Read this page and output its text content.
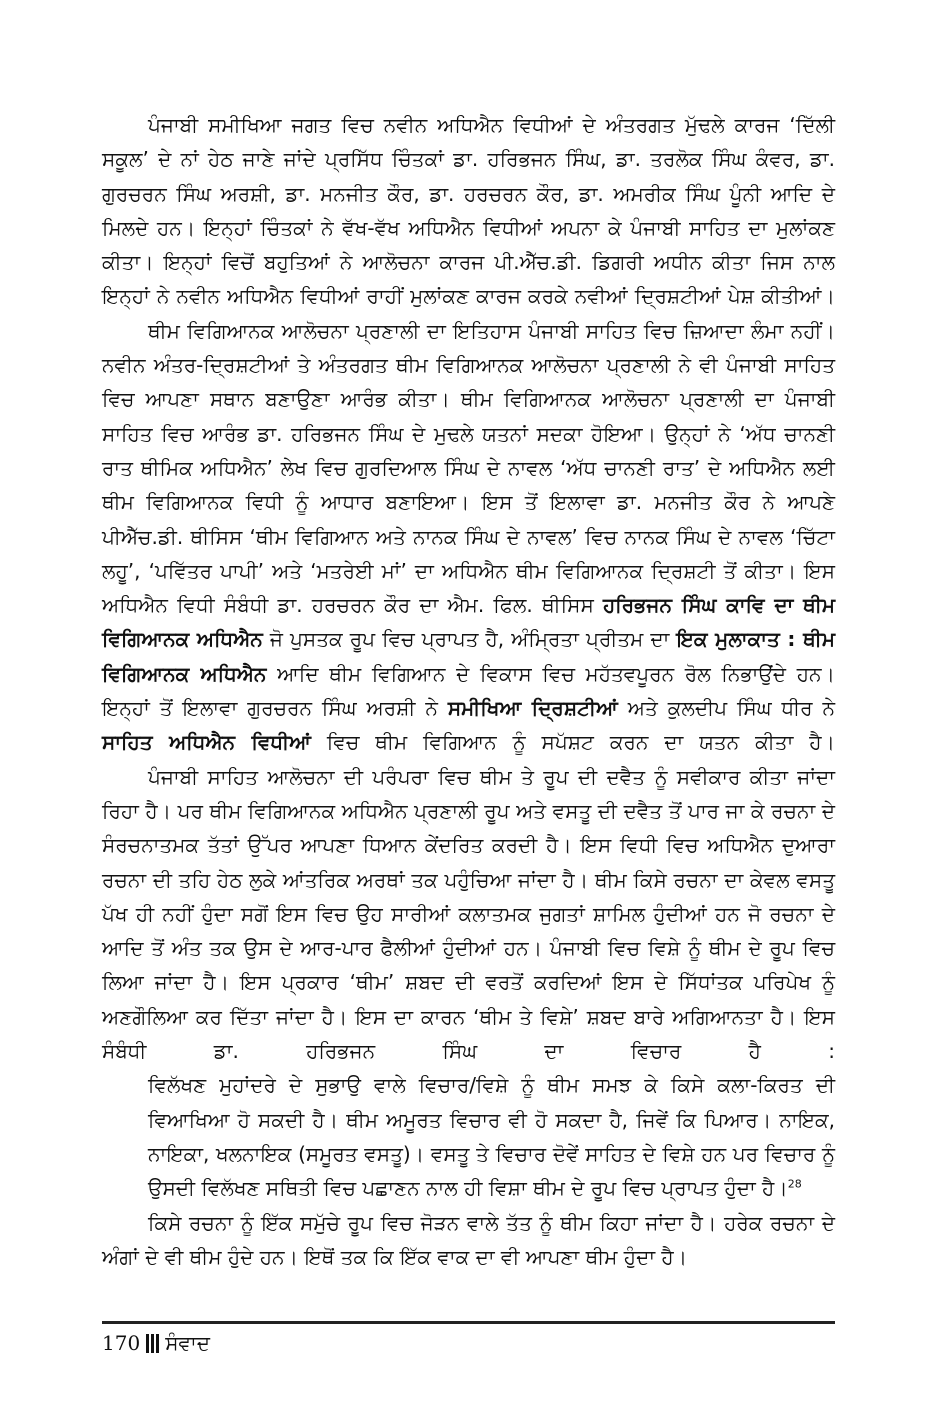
ਪੰਜਾਬੀ ਸਮੀਖਿਆ ਜਗਤ ਵਿਚ ਨਵੀਨ ਅਧਿਐਨ ਵਿਧੀਆਂ ਦੇ ਅੰਤਰਗਤ ਮੁੱਢਲੇ ਕਾਰਜ ‘ਦਿੱਲੀ ਸਕੂਲ’ ਦੇ ਨਾਂ ਹੇਠ ਜਾਣੇ ਜਾਂਦੇ ਪ੍ਰਸਿੱਧ ਚਿੰਤਕਾਂ ਡਾ. ਹਰਿਭਜਨ ਸਿੰਘ, ਡਾ. ਤਰਲੋਕ ਸਿੰਘ ਕੰਵਰ, ਡਾ. ਗੁਰਚਰਨ ਸਿੰਘ ਅਰਸ਼ੀ, ਡਾ. ਮਨਜੀਤ ਕੌਰ, ਡਾ. ਹਰਚਰਨ ਕੌਰ, ਡਾ. ਅਮਰੀਕ ਸਿੰਘ ਪੂੰਨੀ ਆਦਿ ਦੇ ਮਿਲਦੇ ਹਨ। ਇਨ੍ਹਾਂ ਚਿੰਤਕਾਂ ਨੇ ਵੱਖ-ਵੱਖ ਅਧਿਐਨ ਵਿਧੀਆਂ ਅਪਨਾ ਕੇ ਪੰਜਾਬੀ ਸਾਹਿਤ ਦਾ ਮੁਲਾਂਕਣ ਕੀਤਾ। ਇਨ੍ਹਾਂ ਵਿਚੋਂ ਬਹੁਤਿਆਂ ਨੇ ਆਲੋਚਨਾ ਕਾਰਜ ਪੀ.ਐੱਚ.ਡੀ. ਡਿਗਰੀ ਅਧੀਨ ਕੀਤਾ ਜਿਸ ਨਾਲ ਇਨ੍ਹਾਂ ਨੇ ਨਵੀਨ ਅਧਿਐਨ ਵਿਧੀਆਂ ਰਾਹੀਂ ਮੁਲਾਂਕਣ ਕਾਰਜ ਕਰਕੇ ਨਵੀਆਂ ਦ੍ਰਿਸ਼ਟੀਆਂ ਪੇਸ਼ ਕੀਤੀਆਂ।

ਥੀਮ ਵਿਗਿਆਨਕ ਆਲੋਚਨਾ ਪ੍ਰਣਾਲੀ ਦਾ ਇਤਿਹਾਸ ਪੰਜਾਬੀ ਸਾਹਿਤ ਵਿਚ ਜ਼ਿਆਦਾ ਲੰਮਾ ਨਹੀਂ। ਨਵੀਨ ਅੰਤਰ-ਦ੍ਰਿਸ਼ਟੀਆਂ ਤੇ ਅੰਤਰਗਤ ਥੀਮ ਵਿਗਿਆਨਕ ਆਲੋਚਨਾ ਪ੍ਰਣਾਲੀ ਨੇ ਵੀ ਪੰਜਾਬੀ ਸਾਹਿਤ ਵਿਚ ਆਪਣਾ ਸਥਾਨ ਬਣਾਉਣਾ ਆਰੰਭ ਕੀਤਾ। ਥੀਮ ਵਿਗਿਆਨਕ ਆਲੋਚਨਾ ਪ੍ਰਣਾਲੀ ਦਾ ਪੰਜਾਬੀ ਸਾਹਿਤ ਵਿਚ ਆਰੰਭ ਡਾ. ਹਰਿਭਜਨ ਸਿੰਘ ਦੇ ਮੁਢਲੇ ਯਤਨਾਂ ਸਦਕਾ ਹੋਇਆ। ਉਨ੍ਹਾਂ ਨੇ ‘ਅੱਧ ਚਾਨਣੀ ਰਾਤ ਥੀਮਿਕ ਅਧਿਐਨ’ ਲੇਖ ਵਿਚ ਗੁਰਦਿਆਲ ਸਿੰਘ ਦੇ ਨਾਵਲ ‘ਅੱਧ ਚਾਨਣੀ ਰਾਤ’ ਦੇ ਅਧਿਐਨ ਲਈ ਥੀਮ ਵਿਗਿਆਨਕ ਵਿਧੀ ਨੂੰ ਆਧਾਰ ਬਣਾਇਆ। ਇਸ ਤੋਂ ਇਲਾਵਾ ਡਾ. ਮਨਜੀਤ ਕੌਰ ਨੇ ਆਪਣੇ ਪੀਐੱਚ.ਡੀ. ਥੀਸਿਸ ‘ਥੀਮ ਵਿਗਿਆਨ ਅਤੇ ਨਾਨਕ ਸਿੰਘ ਦੇ ਨਾਵਲ’ ਵਿਚ ਨਾਨਕ ਸਿੰਘ ਦੇ ਨਾਵਲ ‘ਚਿੱਟਾ ਲਹੂ’, ‘ਪਵਿੱਤਰ ਪਾਪੀ’ ਅਤੇ ‘ਮਤਰੇਈ ਮਾਂ’ ਦਾ ਅਧਿਐਨ ਥੀਮ ਵਿਗਿਆਨਕ ਦ੍ਰਿਸ਼ਟੀ ਤੋਂ ਕੀਤਾ। ਇਸ ਅਧਿਐਨ ਵਿਧੀ ਸੰਬੰਧੀ ਡਾ. ਹਰਚਰਨ ਕੌਰ ਦਾ ਐਮ. ਫਿਲ. ਥੀਸਿਸ ਹਰਿਭਜਨ ਸਿੰਘ ਕਾਵਿ ਦਾ ਥੀਮ ਵਿਗਿਆਨਕ ਅਧਿਐਨ ਜੋ ਪੁਸਤਕ ਰੂਪ ਵਿਚ ਪ੍ਰਾਪਤ ਹੈ, ਅੰਮ੍ਰਿਤਾ ਪ੍ਰੀਤਮ ਦਾ ਇਕ ਮੁਲਾਕਾਤ : ਥੀਮ ਵਿਗਿਆਨਕ ਅਧਿਐਨ ਆਦਿ ਥੀਮ ਵਿਗਿਆਨ ਦੇ ਵਿਕਾਸ ਵਿਚ ਮਹੱਤਵਪੂਰਨ ਰੋਲ ਨਿਭਾਉਂਦੇ ਹਨ। ਇਨ੍ਹਾਂ ਤੋਂ ਇਲਾਵਾ ਗੁਰਚਰਨ ਸਿੰਘ ਅਰਸ਼ੀ ਨੇ ਸਮੀਖਿਆ ਦ੍ਰਿਸ਼ਟੀਆਂ ਅਤੇ ਕੁਲਦੀਪ ਸਿੰਘ ਧੀਰ ਨੇ ਸਾਹਿਤ ਅਧਿਐਨ ਵਿਧੀਆਂ ਵਿਚ ਥੀਮ ਵਿਗਿਆਨ ਨੂੰ ਸਪੱਸ਼ਟ ਕਰਨ ਦਾ ਯਤਨ ਕੀਤਾ ਹੈ।

ਪੰਜਾਬੀ ਸਾਹਿਤ ਆਲੋਚਨਾ ਦੀ ਪਰੰਪਰਾ ਵਿਚ ਥੀਮ ਤੇ ਰੂਪ ਦੀ ਦਵੈਤ ਨੂੰ ਸਵੀਕਾਰ ਕੀਤਾ ਜਾਂਦਾ ਰਿਹਾ ਹੈ। ਪਰ ਥੀਮ ਵਿਗਿਆਨਕ ਅਧਿਐਨ ਪ੍ਰਣਾਲੀ ਰੂਪ ਅਤੇ ਵਸਤੂ ਦੀ ਦਵੈਤ ਤੋਂ ਪਾਰ ਜਾ ਕੇ ਰਚਨਾ ਦੇ ਸੰਰਚਨਾਤਮਕ ਤੱਤਾਂ ਉੱਪਰ ਆਪਣਾ ਧਿਆਨ ਕੇਂਦਰਿਤ ਕਰਦੀ ਹੈ। ਇਸ ਵਿਧੀ ਵਿਚ ਅਧਿਐਨ ਦੁਆਰਾ ਰਚਨਾ ਦੀ ਤਹਿ ਹੇਠ ਲੁਕੇ ਆਂਤਰਿਕ ਅਰਥਾਂ ਤਕ ਪਹੁੰਚਿਆ ਜਾਂਦਾ ਹੈ। ਥੀਮ ਕਿਸੇ ਰਚਨਾ ਦਾ ਕੇਵਲ ਵਸਤੂ ਪੱਖ ਹੀ ਨਹੀਂ ਹੁੰਦਾ ਸਗੋਂ ਇਸ ਵਿਚ ਉਹ ਸਾਰੀਆਂ ਕਲਾਤਮਕ ਜੁਗਤਾਂ ਸ਼ਾਮਿਲ ਹੁੰਦੀਆਂ ਹਨ ਜੋ ਰਚਨਾ ਦੇ ਆਦਿ ਤੋਂ ਅੰਤ ਤਕ ਉਸ ਦੇ ਆਰ-ਪਾਰ ਫੈਲੀਆਂ ਹੁੰਦੀਆਂ ਹਨ। ਪੰਜਾਬੀ ਵਿਚ ਵਿਸ਼ੇ ਨੂੰ ਥੀਮ ਦੇ ਰੂਪ ਵਿਚ ਲਿਆ ਜਾਂਦਾ ਹੈ। ਇਸ ਪ੍ਰਕਾਰ ‘ਥੀਮ’ ਸ਼ਬਦ ਦੀ ਵਰਤੋਂ ਕਰਦਿਆਂ ਇਸ ਦੇ ਸਿੱਧਾਂਤਕ ਪਰਿਪੇਖ ਨੂੰ ਅਣਗੌਲਿਆ ਕਰ ਦਿੱਤਾ ਜਾਂਦਾ ਹੈ। ਇਸ ਦਾ ਕਾਰਨ ‘ਥੀਮ ਤੇ ਵਿਸ਼ੇ’ ਸ਼ਬਦ ਬਾਰੇ ਅਗਿਆਨਤਾ ਹੈ। ਇਸ ਸੰਬੰਧੀ ਡਾ. ਹਰਿਭਜਨ ਸਿੰਘ ਦਾ ਵਿਚਾਰ ਹੈ :

ਵਿਲੱਖਣ ਮੁਹਾਂਦਰੇ ਦੇ ਸੁਭਾਉ ਵਾਲੇ ਵਿਚਾਰ/ਵਿਸ਼ੇ ਨੂੰ ਥੀਮ ਸਮਝ ਕੇ ਕਿਸੇ ਕਲਾ-ਕਿਰਤ ਦੀ ਵਿਆਖਿਆ ਹੋ ਸਕਦੀ ਹੈ। ਥੀਮ ਅਮੂਰਤ ਵਿਚਾਰ ਵੀ ਹੋ ਸਕਦਾ ਹੈ, ਜਿਵੇਂ ਕਿ ਪਿਆਰ। ਨਾਇਕ, ਨਾਇਕਾ, ਖਲਨਾਇਕ (ਸਮੂਰਤ ਵਸਤੂ)। ਵਸਤੂ ਤੇ ਵਿਚਾਰ ਦੋਵੇਂ ਸਾਹਿਤ ਦੇ ਵਿਸ਼ੇ ਹਨ ਪਰ ਵਿਚਾਰ ਨੂੰ ਉਸਦੀ ਵਿਲੱਖਣ ਸਥਿਤੀ ਵਿਚ ਪਛਾਣਨ ਨਾਲ ਹੀ ਵਿਸ਼ਾ ਥੀਮ ਦੇ ਰੂਪ ਵਿਚ ਪ੍ਰਾਪਤ ਹੁੰਦਾ ਹੈ।$^{28}$

ਕਿਸੇ ਰਚਨਾ ਨੂੰ ਇੱਕ ਸਮੁੱਚੇ ਰੂਪ ਵਿਚ ਜੋੜਨ ਵਾਲੇ ਤੱਤ ਨੂੰ ਥੀਮ ਕਿਹਾ ਜਾਂਦਾ ਹੈ। ਹਰੇਕ ਰਚਨਾ ਦੇ ਅੰਗਾਂ ਦੇ ਵੀ ਥੀਮ ਹੁੰਦੇ ਹਨ। ਇਥੋਂ ਤਕ ਕਿ ਇੱਕ ਵਾਕ ਦਾ ਵੀ ਆਪਣਾ ਥੀਮ ਹੁੰਦਾ ਹੈ।

170 ਸੰਵਾਦ
